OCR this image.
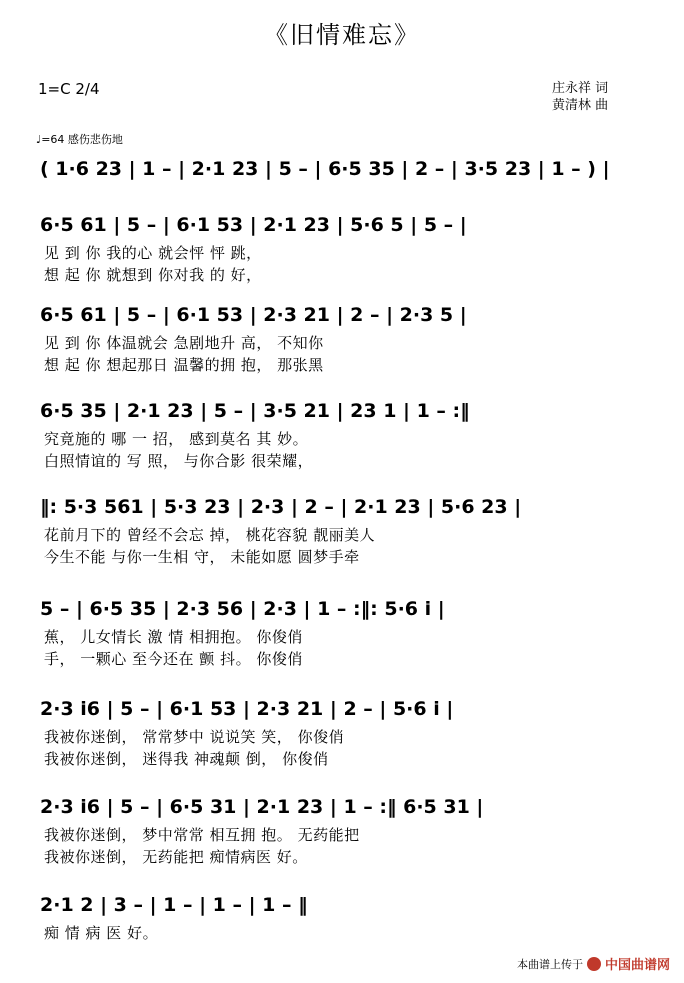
《旧情难忘》
1=C 2/4	庄永祥 词
黄清林 曲
♩=64 感伤悲伤地
( 1·6 23 | 1 – | 2·1 23 | 5 – | 6·5 35 | 2 – | 3·5 23 | 1 – ) |
6·5 61 | 5 – | 6·1 53 | 2·1 23 | 5·6 5 | 5 – |
见 到 你 我的心 就会怦 怦 跳，
想 起 你 就想到 你对我 的 好，
6·5 61 | 5 – | 6·1 53 | 2·3 21 | 2 – | 2·3 5 |
见 到 你 体温就会 急剧地升 高， 不知你
想 起 你 想起那日 温馨的拥 抱， 那张黑
6·5 35 | 2·1 23 | 5 – | 3·5 21 | 23 1 | 1 – :‖
究竟施的 哪 一 招， 感到莫名 其 妙。
白照情谊的 写 照， 与你合影 很荣耀，
‖: 5·3 561 | 5·3 23 | 2·3 | 2 – | 2·1 23 | 5·6 23 |
花前月下的 曾经不会忘 掉， 桃花容貌 靓丽美人
今生不能 与你一生相 守， 未能如愿 圆梦手牵
5 – | 6·5 35 | 2·3 56 | 2·3 | 1 – :‖: 5·6 i |
蕉， 儿女情长 激 情 相拥抱。 你俊俏
手， 一颗心 至今还在 颤 抖。 你俊俏
2·3 i6 | 5 – | 6·1 53 | 2·3 21 | 2 – | 5·6 i |
我被你迷倒， 常常梦中 说说笑 笑， 你俊俏
我被你迷倒， 迷得我 神魂颠 倒， 你俊俏
2·3 i6 | 5 – | 6·5 31 | 2·1 23 | 1 – :‖ 6·5 31 |
我被你迷倒， 梦中常常 相互拥 抱。 无药能把
我被你迷倒， 无药能把 痴情病医 好。
2·1 2 | 3 – | 1 – | 1 – | 1 – ‖
痴 情 病 医 好。
本曲谱上传于 中国曲谱网
